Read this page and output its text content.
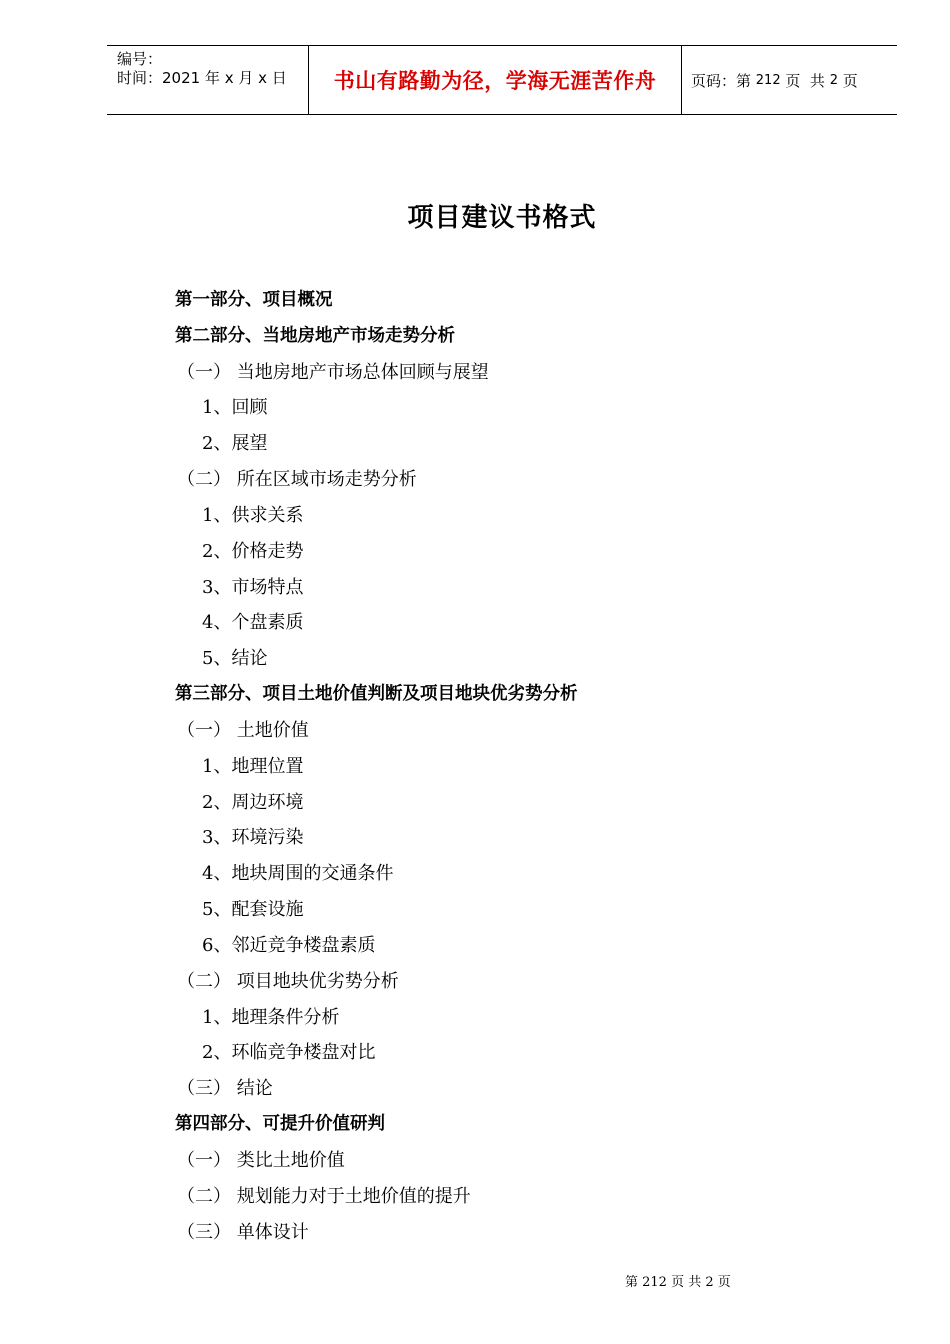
编号：
时间：2021 年 x 月 x 日	书山有路勤为径，学海无涯苦作舟	页码：第 212 页  共 2 页
项目建议书格式
第一部分、项目概况
第二部分、当地房地产市场走势分析
（一） 当地房地产市场总体回顾与展望
1、回顾
2、展望
（二） 所在区域市场走势分析
1、供求关系
2、价格走势
3、市场特点
4、个盘素质
5、结论
第三部分、项目土地价值判断及项目地块优劣势分析
（一） 土地价值
1、地理位置
2、周边环境
3、环境污染
4、地块周围的交通条件
5、配套设施
6、邻近竞争楼盘素质
（二） 项目地块优劣势分析
1、地理条件分析
2、环临竞争楼盘对比
（三） 结论
第四部分、可提升价值研判
（一） 类比土地价值
（二） 规划能力对于土地价值的提升
（三） 单体设计
第 212 页 共 2 页
